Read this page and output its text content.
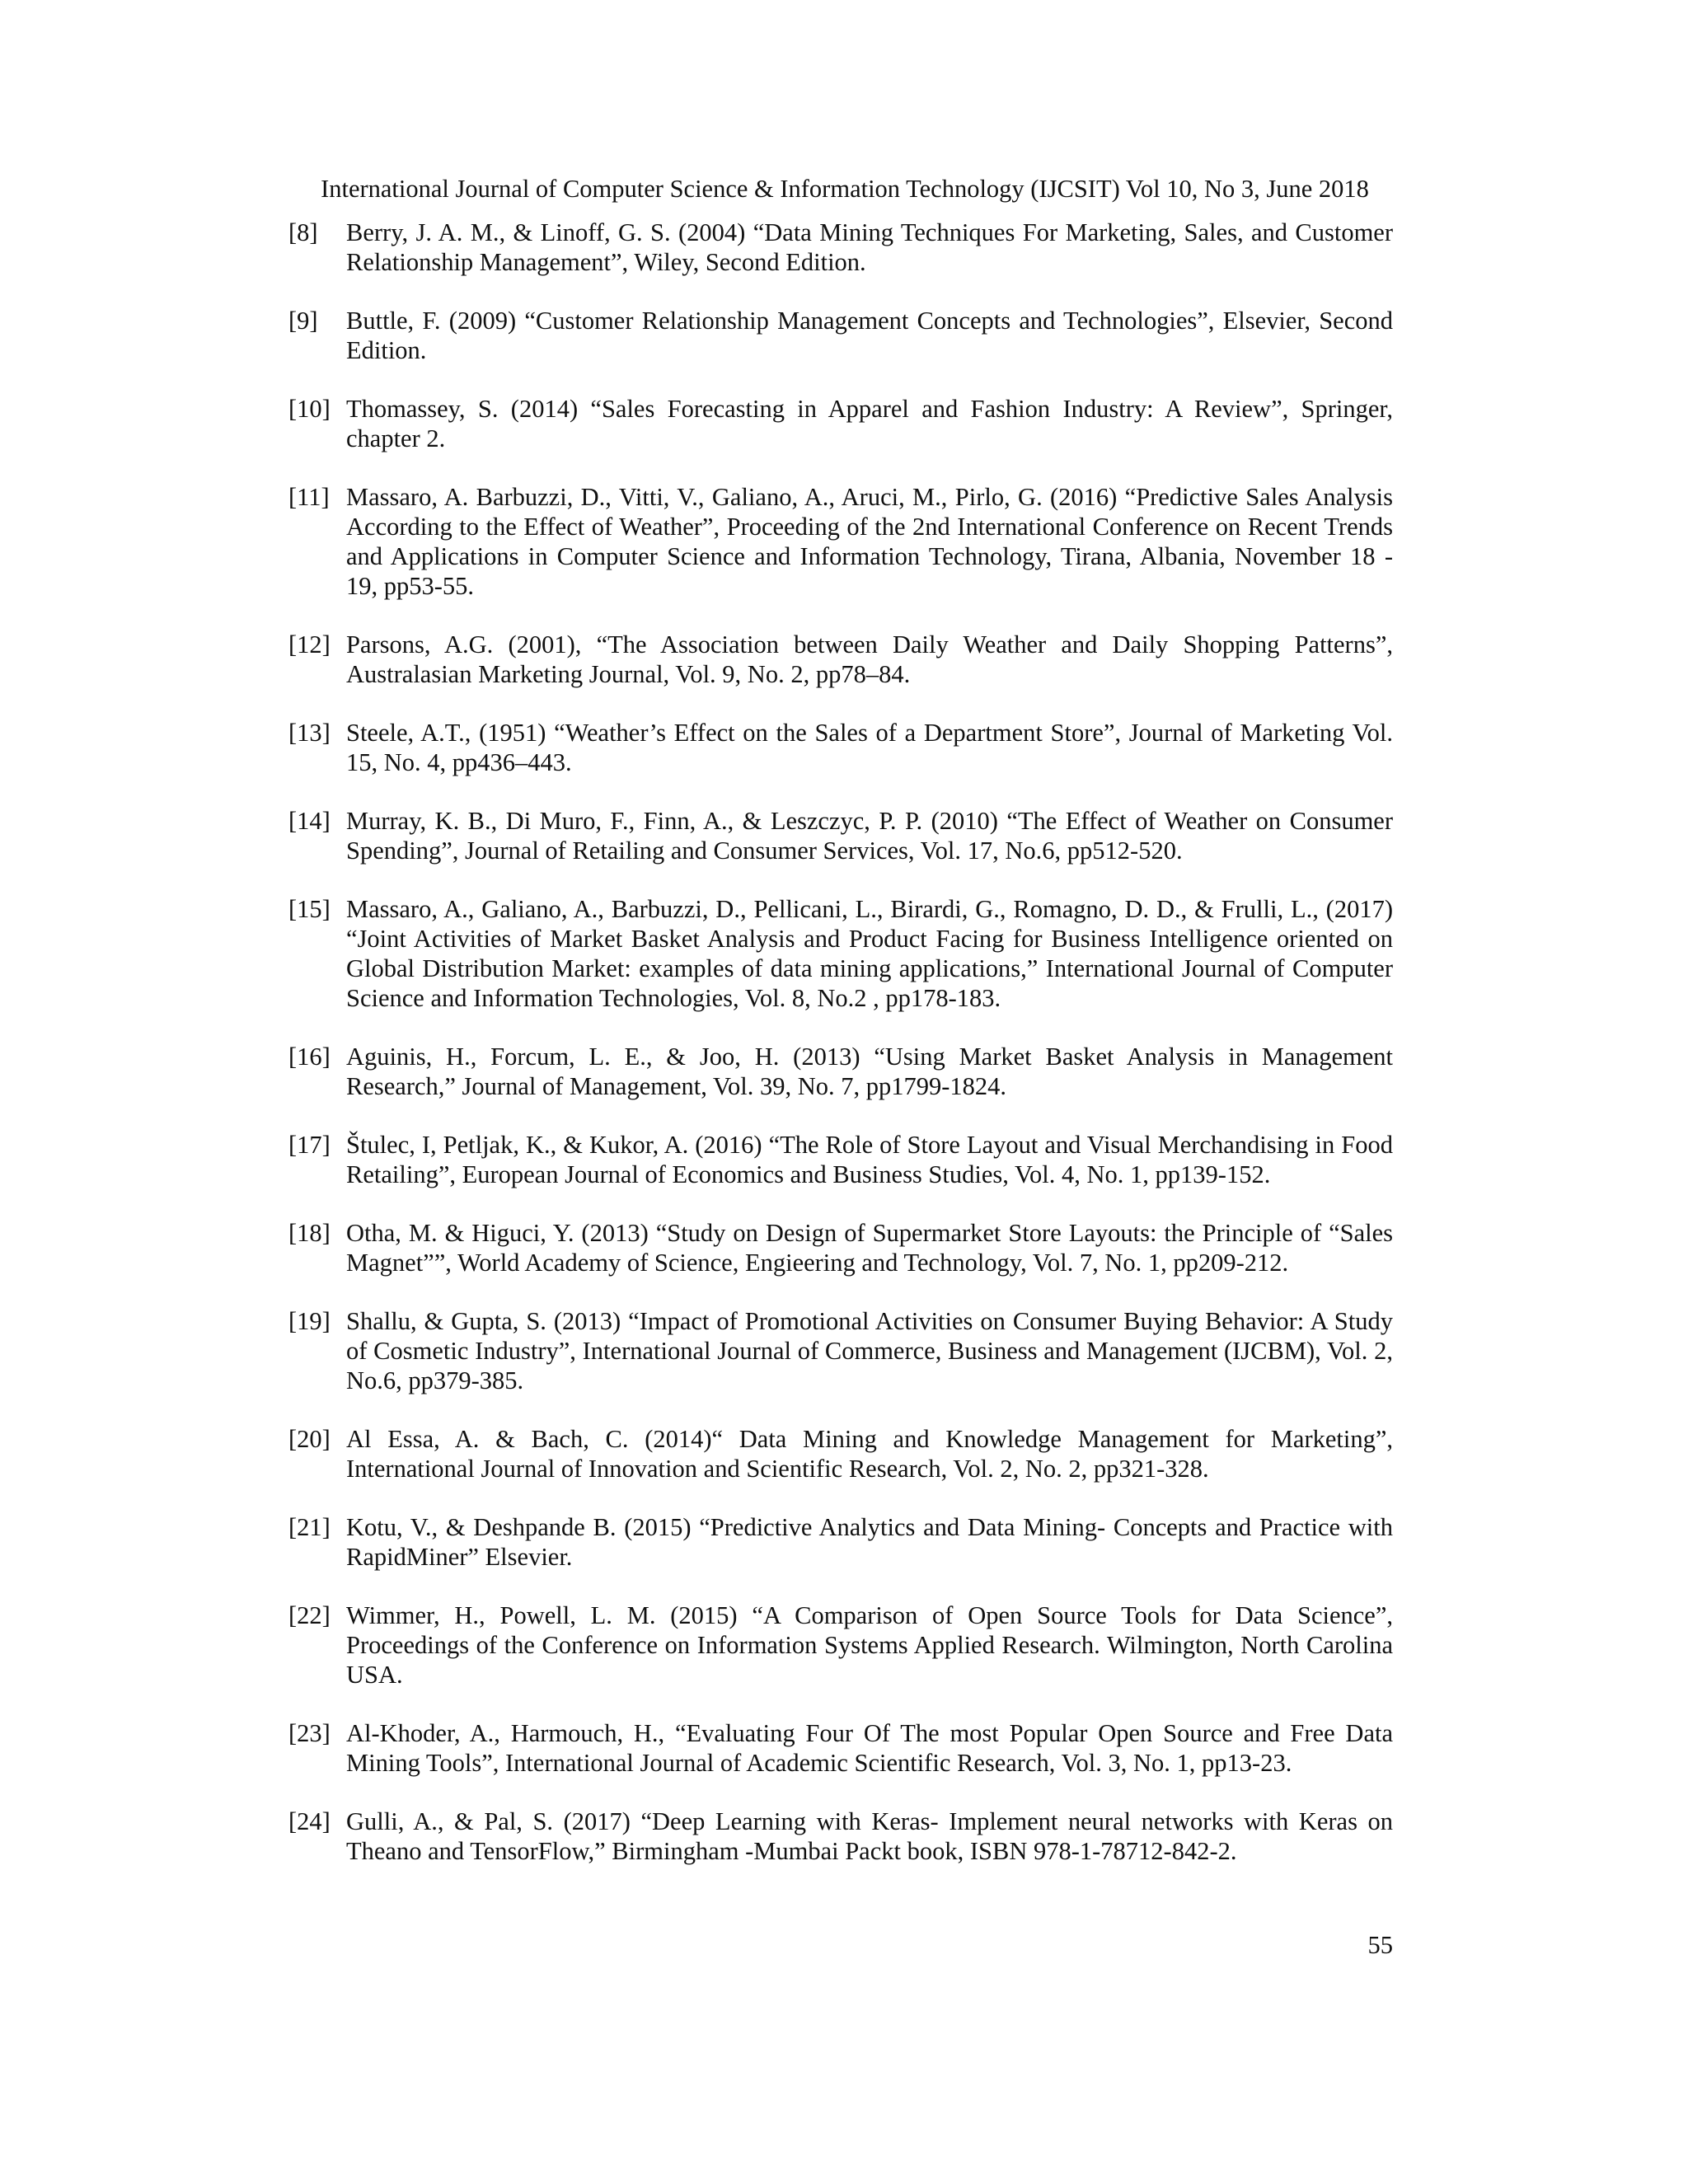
International Journal of Computer Science & Information Technology (IJCSIT) Vol 10, No 3, June 2018
[8]	Berry, J. A. M., & Linoff, G. S. (2004) “Data Mining Techniques For Marketing, Sales, and Customer Relationship Management”, Wiley, Second Edition.
[9]	Buttle, F. (2009) “Customer Relationship Management Concepts and Technologies”, Elsevier, Second Edition.
[10] Thomassey, S. (2014) “Sales Forecasting in Apparel and Fashion Industry: A Review”, Springer, chapter 2.
[11] Massaro, A. Barbuzzi, D., Vitti, V., Galiano, A., Aruci, M., Pirlo, G. (2016) “Predictive Sales Analysis According to the Effect of Weather”, Proceeding of the 2nd International Conference on Recent Trends and Applications in Computer Science and Information Technology, Tirana, Albania, November 18 - 19, pp53-55.
[12] Parsons, A.G. (2001), “The Association between Daily Weather and Daily Shopping Patterns”, Australasian Marketing Journal, Vol. 9, No. 2, pp78–84.
[13] Steele, A.T., (1951) “Weather’s Effect on the Sales of a Department Store”, Journal of Marketing Vol. 15, No. 4, pp436–443.
[14] Murray, K. B., Di Muro, F., Finn, A., & Leszczyc, P. P. (2010) “The Effect of Weather on Consumer Spending”, Journal of Retailing and Consumer Services, Vol. 17, No.6, pp512-520.
[15] Massaro, A., Galiano, A., Barbuzzi, D., Pellicani, L., Birardi, G., Romagno, D. D., & Frulli, L., (2017) “Joint Activities of Market Basket Analysis and Product Facing for Business Intelligence oriented on Global Distribution Market: examples of data mining applications,” International Journal of Computer Science and Information Technologies, Vol. 8, No.2 , pp178-183.
[16] Aguinis, H., Forcum, L. E., & Joo, H. (2013) “Using Market Basket Analysis in Management Research,” Journal of Management, Vol. 39, No. 7, pp1799-1824.
[17] Štulec, I, Petljak, K., & Kukor, A. (2016) “The Role of Store Layout and Visual Merchandising in Food Retailing”, European Journal of Economics and Business Studies, Vol. 4, No. 1, pp139-152.
[18] Otha, M. & Higuci, Y. (2013) “Study on Design of Supermarket Store Layouts: the Principle of “Sales Magnet””, World Academy of Science, Engieering and Technology, Vol. 7, No. 1, pp209-212.
[19] Shallu, & Gupta, S. (2013) “Impact of Promotional Activities on Consumer Buying Behavior: A Study of Cosmetic Industry”, International Journal of Commerce, Business and Management (IJCBM), Vol. 2, No.6, pp379-385.
[20] Al Essa, A. & Bach, C. (2014)“ Data Mining and Knowledge Management for Marketing”, International Journal of Innovation and Scientific Research, Vol. 2, No. 2, pp321-328.
[21] Kotu, V., & Deshpande B. (2015) “Predictive Analytics and Data Mining- Concepts and Practice with RapidMiner” Elsevier.
[22] Wimmer, H., Powell, L. M. (2015) “A Comparison of Open Source Tools for Data Science”, Proceedings of the Conference on Information Systems Applied Research. Wilmington, North Carolina USA.
[23] Al-Khoder, A., Harmouch, H., “Evaluating Four Of The most Popular Open Source and Free Data Mining Tools”, International Journal of Academic Scientific Research, Vol. 3, No. 1, pp13-23.
[24] Gulli, A., & Pal, S. (2017) “Deep Learning with Keras- Implement neural networks with Keras on Theano and TensorFlow,” Birmingham -Mumbai Packt book, ISBN 978-1-78712-842-2.
55
